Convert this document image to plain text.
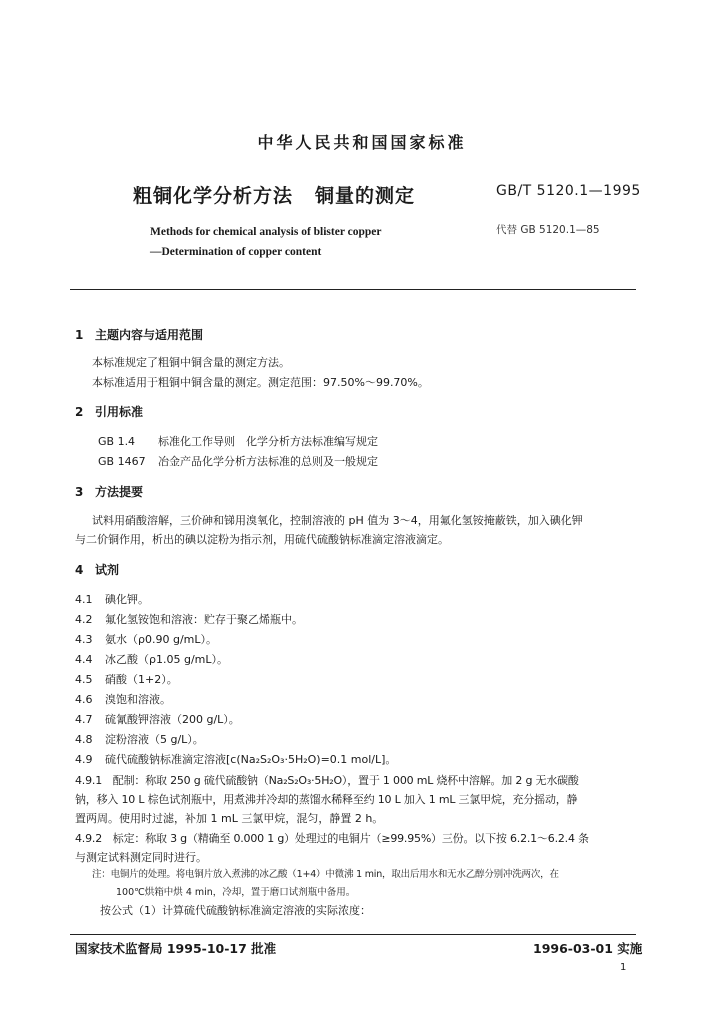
中华人民共和国国家标准
粗铜化学分析方法 铜量的测定	GB/T 5120.1—1995
Methods for chemical analysis of blister copper
—Determination of copper content
代替 GB 5120.1—85
1 主题内容与适用范围
本标准规定了粗铜中铜含量的测定方法。
本标准适用于粗铜中铜含量的测定。测定范围：97.50%～99.70%。
2 引用标准
GB 1.4 标准化工作导则　化学分析方法标准编写规定
GB 1467 冶金产品化学分析方法标准的总则及一般规定
3 方法提要
试料用硝酸溶解，三价砷和锑用溴氧化，控制溶液的 pH 值为 3～4，用氟化氢铵掩蔽铁，加入碘化钾
与二价铜作用，析出的碘以淀粉为指示剂，用硫代硫酸钠标准滴定溶液滴定。
4 试剂
4.1 碘化钾。
4.2 氟化氢铵饱和溶液：贮存于聚乙烯瓶中。
4.3 氨水（ρ0.90 g/mL）。
4.4 冰乙酸（ρ1.05 g/mL）。
4.5 硝酸（1+2）。
4.6 溴饱和溶液。
4.7 硫氰酸钾溶液（200 g/L）。
4.8 淀粉溶液（5 g/L）。
4.9 硫代硫酸钠标准滴定溶液[c(Na₂S₂O₃·5H₂O)=0.1 mol/L]。
4.9.1　配制：称取 250 g 硫代硫酸钠（Na₂S₂O₃·5H₂O），置于 1 000 mL 烧杯中溶解。加 2 g 无水碳酸
钠，移入 10 L 棕色试剂瓶中，用煮沸并冷却的蒸馏水稀释至约 10 L 加入 1 mL 三氯甲烷，充分摇动，静
置两周。使用时过滤，补加 1 mL 三氯甲烷，混匀，静置 2 h。
4.9.2　标定：称取 3 g（精确至 0.000 1 g）处理过的电铜片（≥99.95%）三份。以下按 6.2.1～6.2.4 条
与测定试料测定同时进行。
注：电铜片的处理。将电铜片放入煮沸的冰乙酸（1+4）中微沸 1 min，取出后用水和无水乙醇分别冲洗两次，在
100℃烘箱中烘 4 min，冷却，置于磨口试剂瓶中备用。
按公式（1）计算硫代硫酸钠标准滴定溶液的实际浓度：
国家技术监督局 1995-10-17 批准	1996-03-01 实施
1
